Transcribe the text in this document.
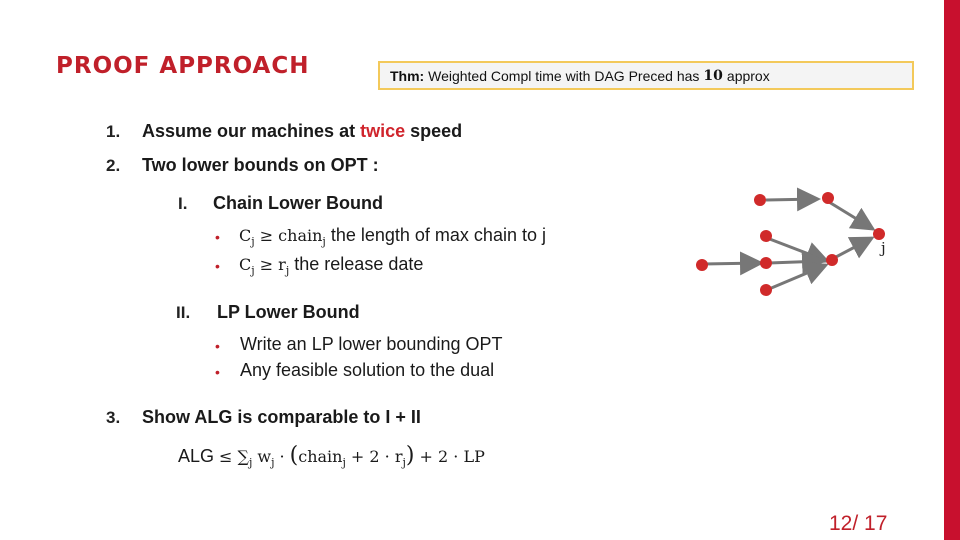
PROOF APPROACH	Thm:
Weighted Compl time with DAG Preced has 10 approx
1. Assume our machines at twice speed
2. Two lower bounds on OPT :
I. Chain Lower Bound
• $C_j$ ≥ chain$_j$ the length of max chain to j
• $C_j \ge r_j$ the release date
II. LP Lower Bound
• Write an LP lower bounding OPT
• Any feasible solution to the dual
3. Show ALG is comparable to I + II
ALG ≤ $\sum_j$ $w_j$ · (chain$_j$ + $2 \cdot r_j) + 2$ · LP
j
12/ 17
